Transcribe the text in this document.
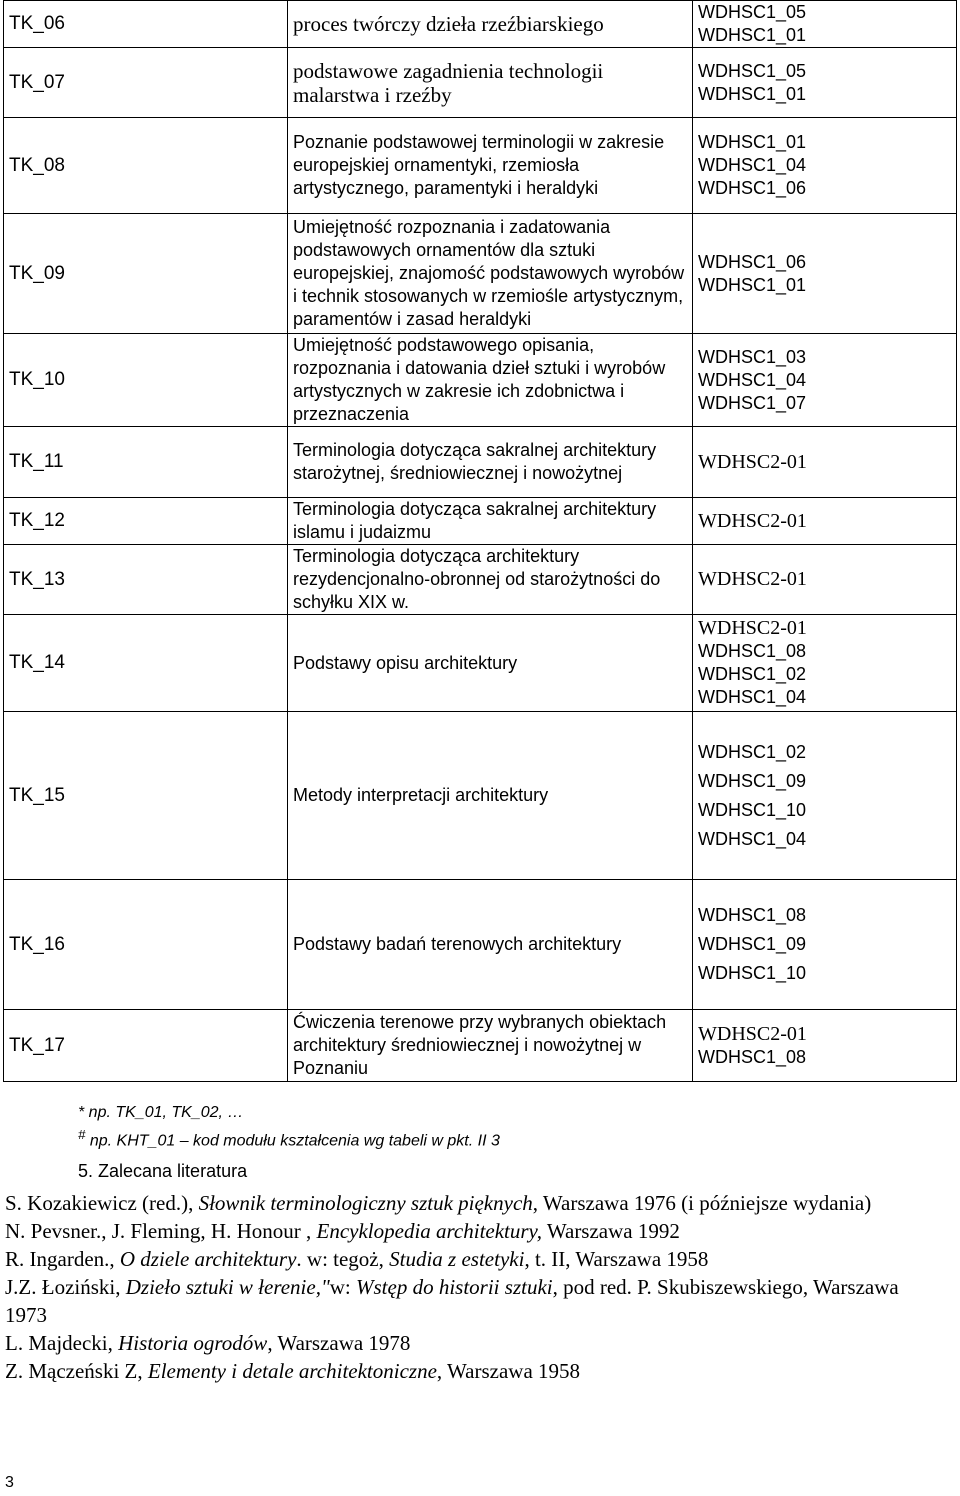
TK_06	proces twórczy dzieła rzeźbiarskiego	WDHSC1_05
WDHSC1_01

TK_07	podstawowe zagadnienia technologii malarstwa i rzeźby	WDHSC1_05
WDHSC1_01

TK_08	Poznanie podstawowej terminologii w zakresie europejskiej ornamentyki, rzemiosła artystycznego, paramentyki i heraldyki	WDHSC1_01
WDHSC1_04
WDHSC1_06

TK_09	Umiejętność rozpoznania i zadatowania podstawowych ornamentów dla sztuki europejskiej, znajomość podstawowych wyrobów i technik stosowanych w rzemiośle artystycznym, paramentów i zasad heraldyki	WDHSC1_06
WDHSC1_01

TK_10	Umiejętność podstawowego opisania, rozpoznania i datowania dzieł sztuki i wyrobów artystycznych w zakresie ich zdobnictwa i przeznaczenia	WDHSC1_03
WDHSC1_04
WDHSC1_07

TK_11	Terminologia dotycząca sakralnej architektury starożytnej, średniowiecznej i nowożytnej	WDHSC2-01

TK_12	Terminologia dotycząca sakralnej architektury islamu i judaizmu	WDHSC2-01

TK_13	Terminologia dotycząca architektury rezydencjonalno-obronnej od starożytności do schyłku XIX w.	WDHSC2-01

TK_14	Podstawy opisu architektury	WDHSC2-01
WDHSC1_08
WDHSC1_02
WDHSC1_04

TK_15	Metody interpretacji architektury	WDHSC1_02
WDHSC1_09
WDHSC1_10
WDHSC1_04

TK_16	Podstawy badań terenowych architektury	WDHSC1_08
WDHSC1_09
WDHSC1_10

TK_17	Ćwiczenia terenowe przy wybranych obiektach architektury średniowiecznej i nowożytnej w Poznaniu	WDHSC2-01
WDHSC1_08
* np. TK_01, TK_02, …
# np. KHT_01 – kod modułu kształcenia wg tabeli w pkt. II 3
5. Zalecana literatura

S. Kozakiewicz (red.), Słownik terminologiczny sztuk pięknych, Warszawa 1976 (i późniejsze wydania)

N. Pevsner., J. Fleming, H. Honour , Encyklopedia architektury, Warszawa 1992

R. Ingarden., O dziele architektury. w: tegoż, Studia z estetyki, t. II, Warszawa 1958

J.Z. Łoziński, Dzieło sztuki w łerenie,"w: Wstęp do historii sztuki, pod red. P. Skubiszewskiego, Warszawa 1973

L. Majdecki, Historia ogrodów, Warszawa 1978

Z. Mączeński Z, Elementy i detale architektoniczne, Warszawa 1958

3
